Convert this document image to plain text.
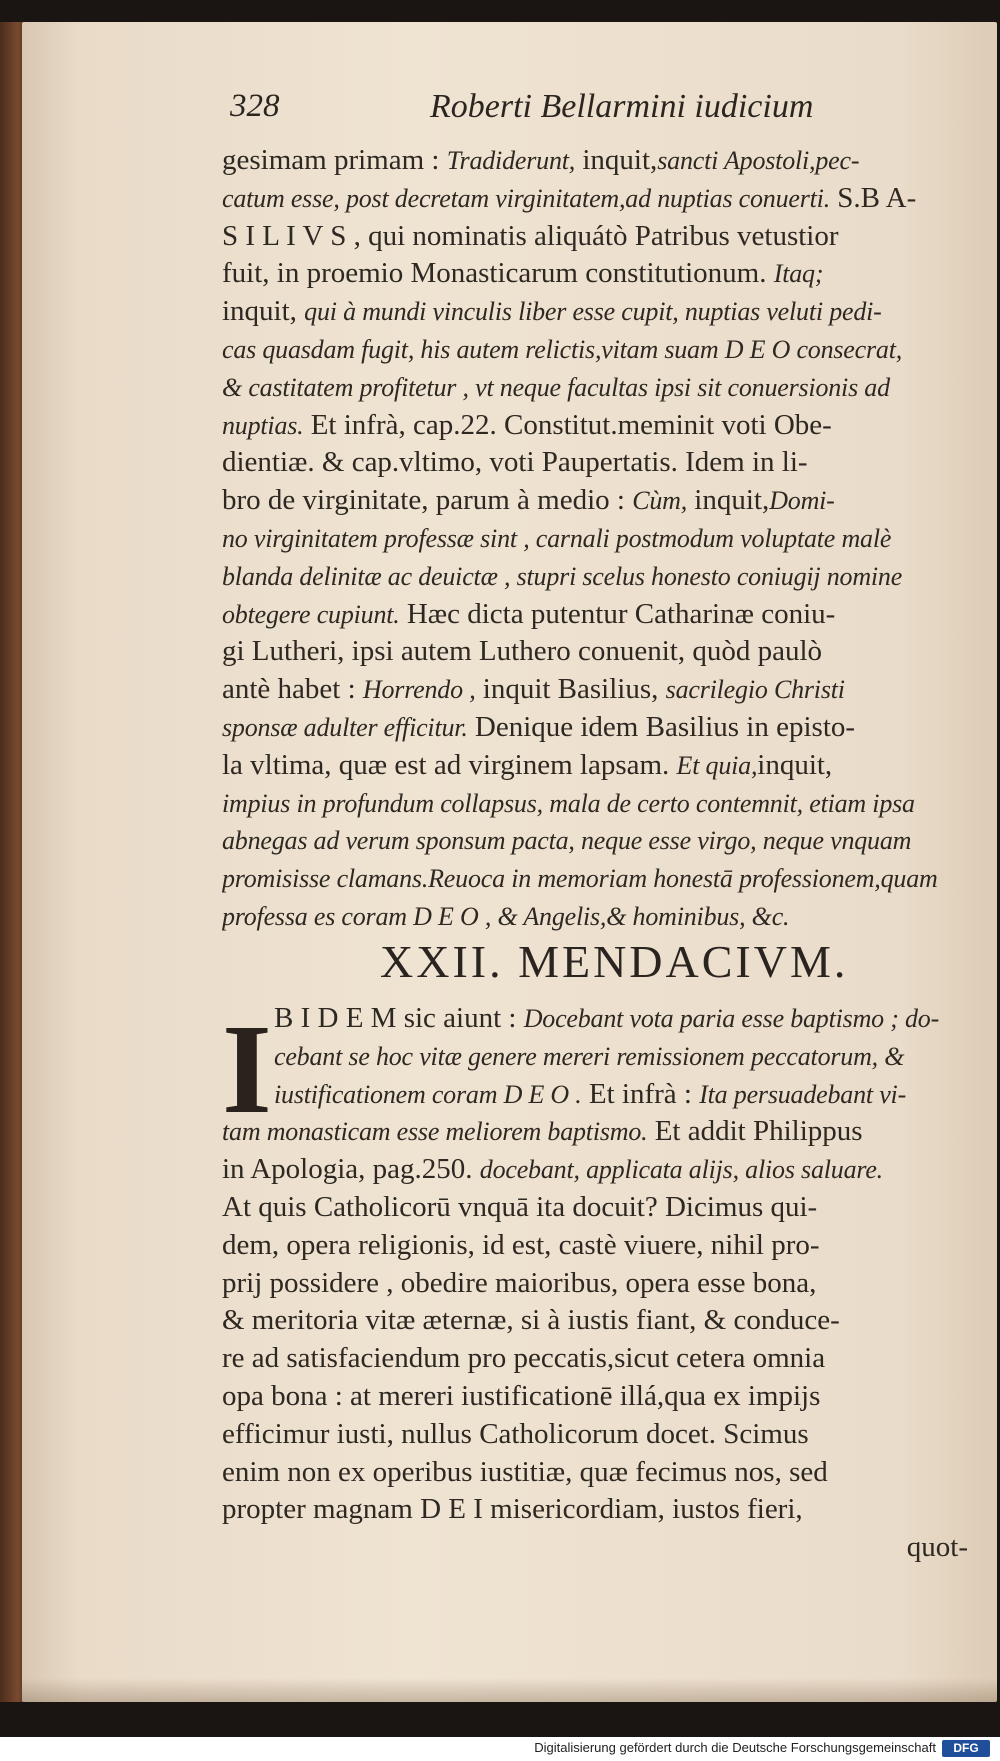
328	Roberti Bellarmini iudicium
gesimam primam : Tradiderunt, inquit,sancti Apostoli,pec-
catum esse, post decretam virginitatem,ad nuptias conuerti. S.B A-
S I L I V S , qui nominatis aliquátò Patribus vetustior
fuit, in proemio Monasticarum constitutionum. Itaq;
inquit, qui à mundi vinculis liber esse cupit, nuptias veluti pedi-
cas quasdam fugit, his autem relictis,vitam suam D E O consecrat,
& castitatem profitetur , vt neque facultas ipsi sit conuersionis ad
nuptias. Et infrà, cap.22. Constitut.meminit voti Obe-
dientiæ. & cap.vltimo, voti Paupertatis. Idem in li-
bro de virginitate, parum à medio : Cùm, inquit,Domi-
no virginitatem professæ sint , carnali postmodum voluptate malè
blanda delinitæ ac deuictæ , stupri scelus honesto coniugij nomine
obtegere cupiunt. Hæc dicta putentur Catharinæ coniu-
gi Lutheri, ipsi autem Luthero conuenit, quòd paulò
antè habet : Horrendo , inquit Basilius, sacrilegio Christi
sponsæ adulter efficitur. Denique idem Basilius in episto-
la vltima, quæ est ad virginem lapsam. Et quia,inquit,
impius in profundum collapsus, mala de certo contemnit, etiam ipsa
abnegas ad verum sponsum pacta, neque esse virgo, neque vnquam
promisisse clamans.Reuoca in memoriam honestā professionem,quam
professa es coram D E O , & Angelis,& hominibus, &c.
XXII. MENDACIVM.
I B I D E M sic aiunt : Docebant vota paria esse baptismo ; do-
cebant se hoc vitæ genere mereri remissionem peccatorum, &
iustificationem coram D E O . Et infrà : Ita persuadebant vi-
tam monasticam esse meliorem baptismo. Et addit Philippus
in Apologia, pag.250. docebant, applicata alijs, alios saluare.
At quis Catholicorū vnquā ita docuit? Dicimus qui-
dem, opera religionis, id est, castè viuere, nihil pro-
prij possidere , obedire maioribus, opera esse bona,
& meritoria vitæ æternæ, si à iustis fiant, & conduce-
re ad satisfaciendum pro peccatis,sicut cetera omnia
opa bona : at mereri iustificationē illá,qua ex impijs
efficimur iusti, nullus Catholicorum docet. Scimus
enim non ex operibus iustitiæ, quæ fecimus nos, sed
propter magnam D E I misericordiam, iustos fieri,
quot-
Digitalisierung gefördert durch die Deutsche Forschungsgemeinschaft	DFG
